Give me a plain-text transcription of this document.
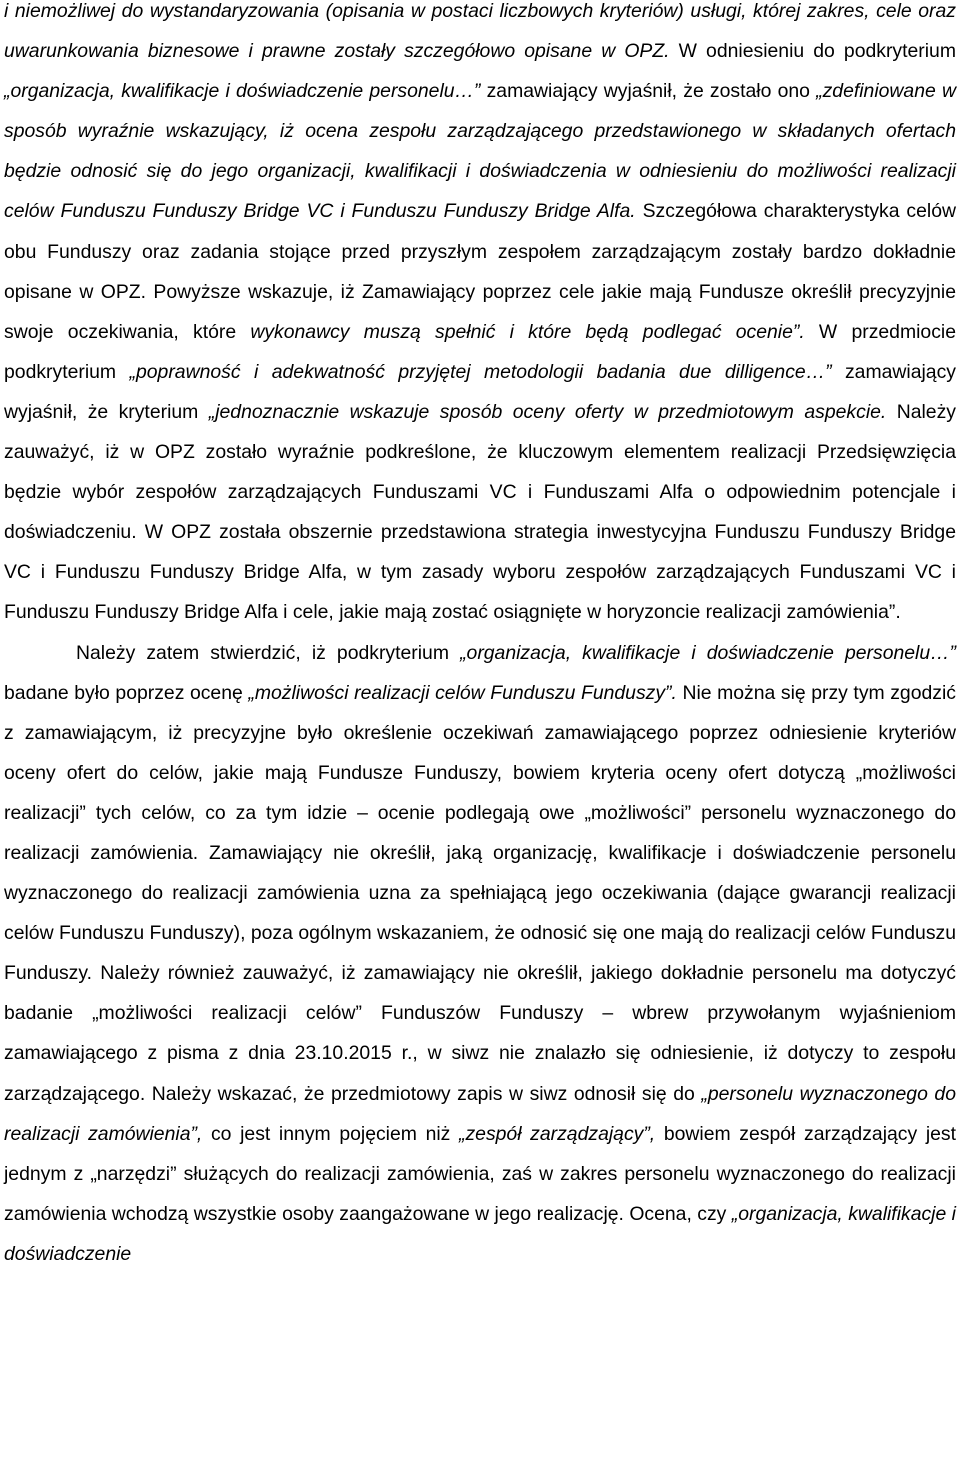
i niemożliwej do wystandaryzowania (opisania w postaci liczbowych kryteriów) usługi, której zakres, cele oraz uwarunkowania biznesowe i prawne zostały szczegółowo opisane w OPZ. W odniesieniu do podkryterium „organizacja, kwalifikacje i doświadczenie personelu…” zamawiający wyjaśnił, że zostało ono „zdefiniowane w sposób wyraźnie wskazujący, iż ocena zespołu zarządzającego przedstawionego w składanych ofertach będzie odnosić się do jego organizacji, kwalifikacji i doświadczenia w odniesieniu do możliwości realizacji celów Funduszu Funduszy Bridge VC i Funduszu Funduszy Bridge Alfa. Szczegółowa charakterystyka celów obu Funduszy oraz zadania stojące przed przyszłym zespołem zarządzającym zostały bardzo dokładnie opisane w OPZ. Powyższe wskazuje, iż Zamawiający poprzez cele jakie mają Fundusze określił precyzyjnie swoje oczekiwania, które wykonawcy muszą spełnić i które będą podlegać ocenie”. W przedmiocie podkryterium „poprawność i adekwatność przyjętej metodologii badania due dilligence…” zamawiający wyjaśnił, że kryterium „jednoznacznie wskazuje sposób oceny oferty w przedmiotowym aspekcie. Należy zauważyć, iż w OPZ zostało wyraźnie podkreślone, że kluczowym elementem realizacji Przedsięwzięcia będzie wybór zespołów zarządzających Funduszami VC i Funduszami Alfa o odpowiednim potencjale i doświadczeniu. W OPZ została obszernie przedstawiona strategia inwestycyjna Funduszu Funduszy Bridge VC i Funduszu Funduszy Bridge Alfa, w tym zasady wyboru zespołów zarządzających Funduszami VC i Funduszu Funduszy Bridge Alfa i cele, jakie mają zostać osiągnięte w horyzoncie realizacji zamówienia”.

Należy zatem stwierdzić, iż podkryterium „organizacja, kwalifikacje i doświadczenie personelu…” badane było poprzez ocenę „możliwości realizacji celów Funduszu Funduszy”. Nie można się przy tym zgodzić z zamawiającym, iż precyzyjne było określenie oczekiwań zamawiającego poprzez odniesienie kryteriów oceny ofert do celów, jakie mają Fundusze Funduszy, bowiem kryteria oceny ofert dotyczą „możliwości realizacji” tych celów, co za tym idzie – ocenie podlegają owe „możliwości” personelu wyznaczonego do realizacji zamówienia. Zamawiający nie określił, jaką organizację, kwalifikacje i doświadczenie personelu wyznaczonego do realizacji zamówienia uzna za spełniającą jego oczekiwania (dające gwarancji realizacji celów Funduszu Funduszy), poza ogólnym wskazaniem, że odnosić się one mają do realizacji celów Funduszu Funduszy. Należy również zauważyć, iż zamawiający nie określił, jakiego dokładnie personelu ma dotyczyć badanie „możliwości realizacji celów” Funduszów Funduszy – wbrew przywołanym wyjaśnieniom zamawiającego z pisma z dnia 23.10.2015 r., w siwz nie znalazło się odniesienie, iż dotyczy to zespołu zarządzającego. Należy wskazać, że przedmiotowy zapis w siwz odnosił się do „personelu wyznaczonego do realizacji zamówienia”, co jest innym pojęciem niż „zespół zarządzający”, bowiem zespół zarządzający jest jednym z „narzędzi” służących do realizacji zamówienia, zaś w zakres personelu wyznaczonego do realizacji zamówienia wchodzą wszystkie osoby zaangażowane w jego realizację. Ocena, czy „organizacja, kwalifikacje i doświadczenie
